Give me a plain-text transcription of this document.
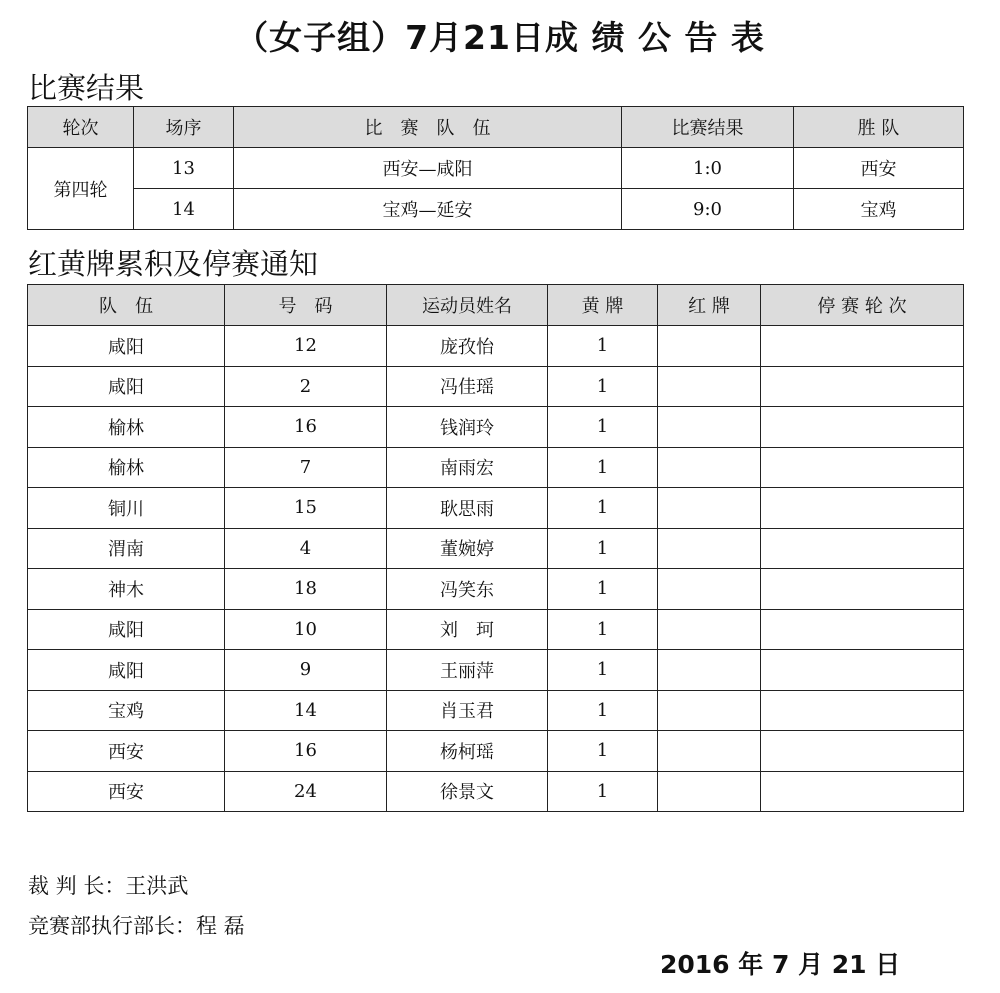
（女子组）7月21日成 绩 公 告 表
比赛结果
轮次	场序	比　赛　队　伍	比赛结果	胜 队
第四轮	13	西安—咸阳	1:0	西安
	14	宝鸡—延安	9:0	宝鸡
红黄牌累积及停赛通知
队　伍	号　码	运动员姓名	黄 牌	红 牌	停 赛 轮 次
咸阳	12	庞孜怡	1		
咸阳	2	冯佳瑶	1		
榆林	16	钱润玲	1		
榆林	7	南雨宏	1		
铜川	15	耿思雨	1		
渭南	4	董婉婷	1		
神木	18	冯笑东	1		
咸阳	10	刘　珂	1		
咸阳	9	王丽萍	1		
宝鸡	14	肖玉君	1		
西安	16	杨柯瑶	1		
西安	24	徐景文	1		
裁 判 长：王洪武
竞赛部执行部长：程 磊
2016 年 7 月 21 日
